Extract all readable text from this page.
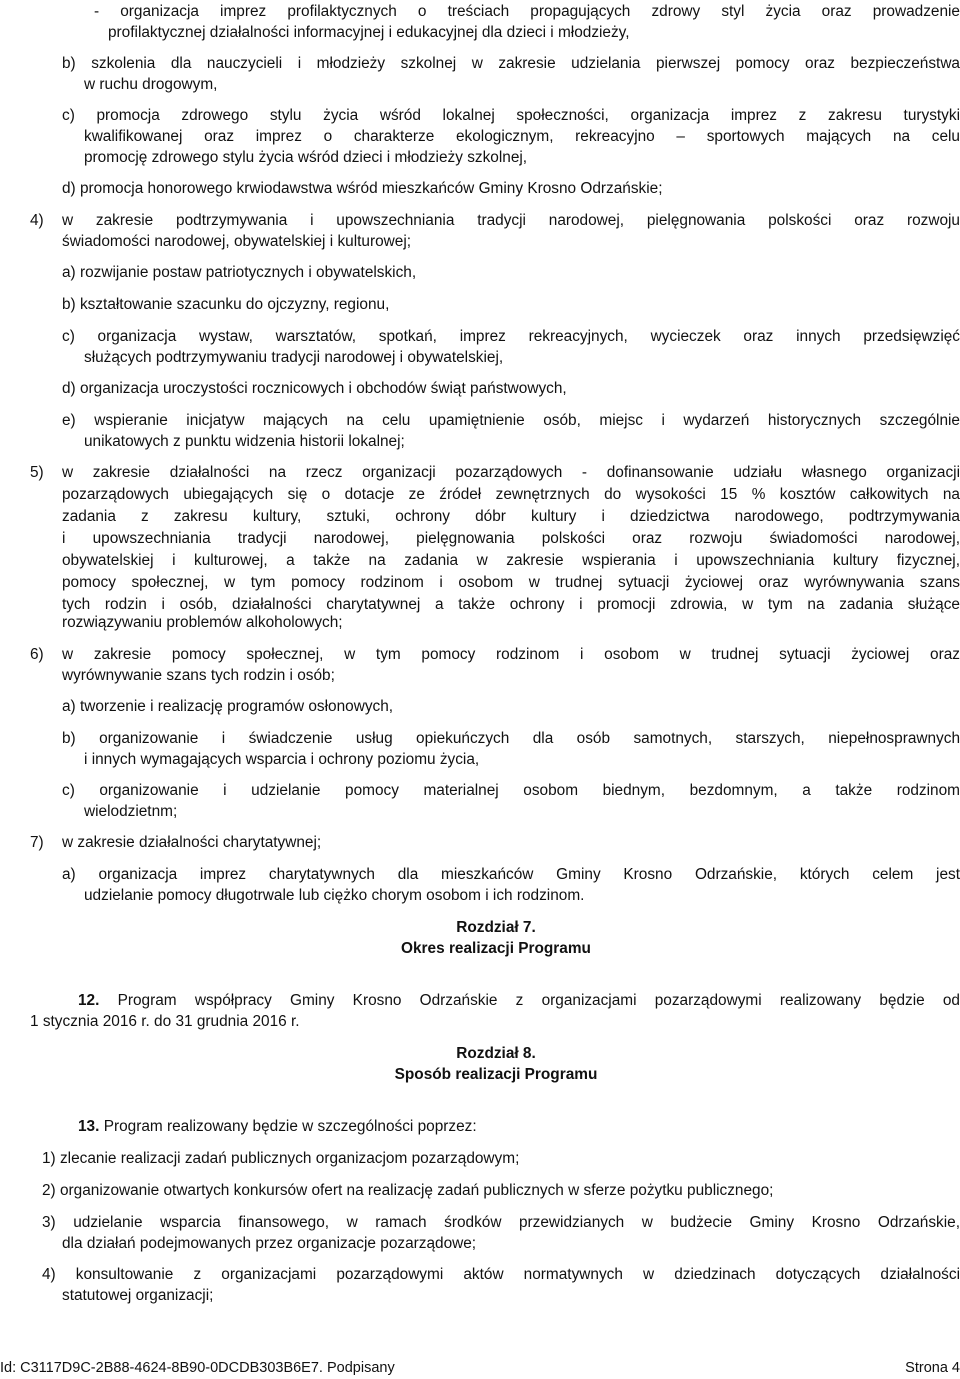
- organizacja imprez profilaktycznych o treściach propagujących zdrowy styl życia oraz prowadzenie

profilaktycznej działalności informacyjnej i edukacyjnej dla dzieci i młodzieży,

b) szkolenia dla nauczycieli i młodzieży szkolnej w zakresie udzielania pierwszej pomocy oraz bezpieczeństwa

w ruchu drogowym,

c) promocja zdrowego stylu życia wśród lokalnej społeczności, organizacja imprez z zakresu turystyki

kwalifikowanej oraz imprez o charakterze ekologicznym, rekreacyjno – sportowych mających na celu

promocję zdrowego stylu życia wśród dzieci i młodzieży szkolnej,

d) promocja honorowego krwiodawstwa wśród mieszkańców Gminy Krosno Odrzańskie;

4)	w zakresie podtrzymywania i upowszechniania tradycji narodowej, pielęgnowania polskości oraz rozwoju

świadomości narodowej, obywatelskiej i kulturowej;

a) rozwijanie postaw patriotycznych i obywatelskich,

b) kształtowanie szacunku do ojczyzny, regionu,

c) organizacja wystaw, warsztatów, spotkań, imprez rekreacyjnych, wycieczek oraz innych przedsięwzięć

służących podtrzymywaniu tradycji narodowej i obywatelskiej,

d) organizacja uroczystości rocznicowych i obchodów świąt państwowych,

e) wspieranie inicjatyw mających na celu upamiętnienie osób, miejsc i wydarzeń historycznych szczególnie

unikatowych z punktu widzenia historii lokalnej;

5)	w zakresie działalności na rzecz organizacji pozarządowych - dofinansowanie udziału własnego organizacji

pozarządowych ubiegających się o dotacje ze źródeł zewnętrznych do wysokości 15 % kosztów całkowitych na

zadania z zakresu kultury, sztuki, ochrony dóbr kultury i dziedzictwa narodowego, podtrzymywania

i upowszechniania tradycji narodowej, pielęgnowania polskości oraz rozwoju świadomości narodowej,

obywatelskiej i kulturowej, a także na zadania w zakresie wspierania i upowszechniania kultury fizycznej,

pomocy społecznej, w tym pomocy rodzinom i osobom w trudnej sytuacji życiowej oraz wyrównywania szans

tych rodzin i osób, działalności charytatywnej a także ochrony i promocji zdrowia, w tym na zadania służące

rozwiązywaniu problemów alkoholowych;

6)	w zakresie pomocy społecznej, w tym pomocy rodzinom i osobom w trudnej sytuacji życiowej oraz

wyrównywanie szans tych rodzin i osób;

a) tworzenie i realizację programów osłonowych,

b) organizowanie i świadczenie usług opiekuńczych dla osób samotnych, starszych, niepełnosprawnych

i innych wymagających wsparcia i ochrony poziomu życia,

c) organizowanie i udzielanie pomocy materialnej osobom biednym, bezdomnym, a także rodzinom

wielodzietnm;

7)	w zakresie działalności charytatywnej;

a) organizacja imprez charytatywnych dla mieszkańców Gminy Krosno Odrzańskie, których celem jest

udzielanie pomocy długotrwale lub ciężko chorym osobom i ich rodzinom.

Rozdział 7.

Okres realizacji Programu

12. Program współpracy Gminy Krosno Odrzańskie z organizacjami pozarządowymi realizowany będzie od

1 stycznia 2016 r. do 31 grudnia 2016 r.

Rozdział 8.

Sposób realizacji Programu

13. Program realizowany będzie w szczególności poprzez:

1) zlecanie realizacji zadań publicznych organizacjom pozarządowym;

2) organizowanie otwartych konkursów ofert na realizację zadań publicznych w sferze pożytku publicznego;

3) udzielanie wsparcia finansowego, w ramach środków przewidzianych w budżecie Gminy Krosno Odrzańskie,

dla działań podejmowanych przez organizacje pozarządowe;

4) konsultowanie z organizacjami pozarządowymi aktów normatywnych w dziedzinach dotyczących działalności

statutowej organizacji;

Id: C3117D9C-2B88-4624-8B90-0DCDB303B6E7. Podpisany	Strona 4
